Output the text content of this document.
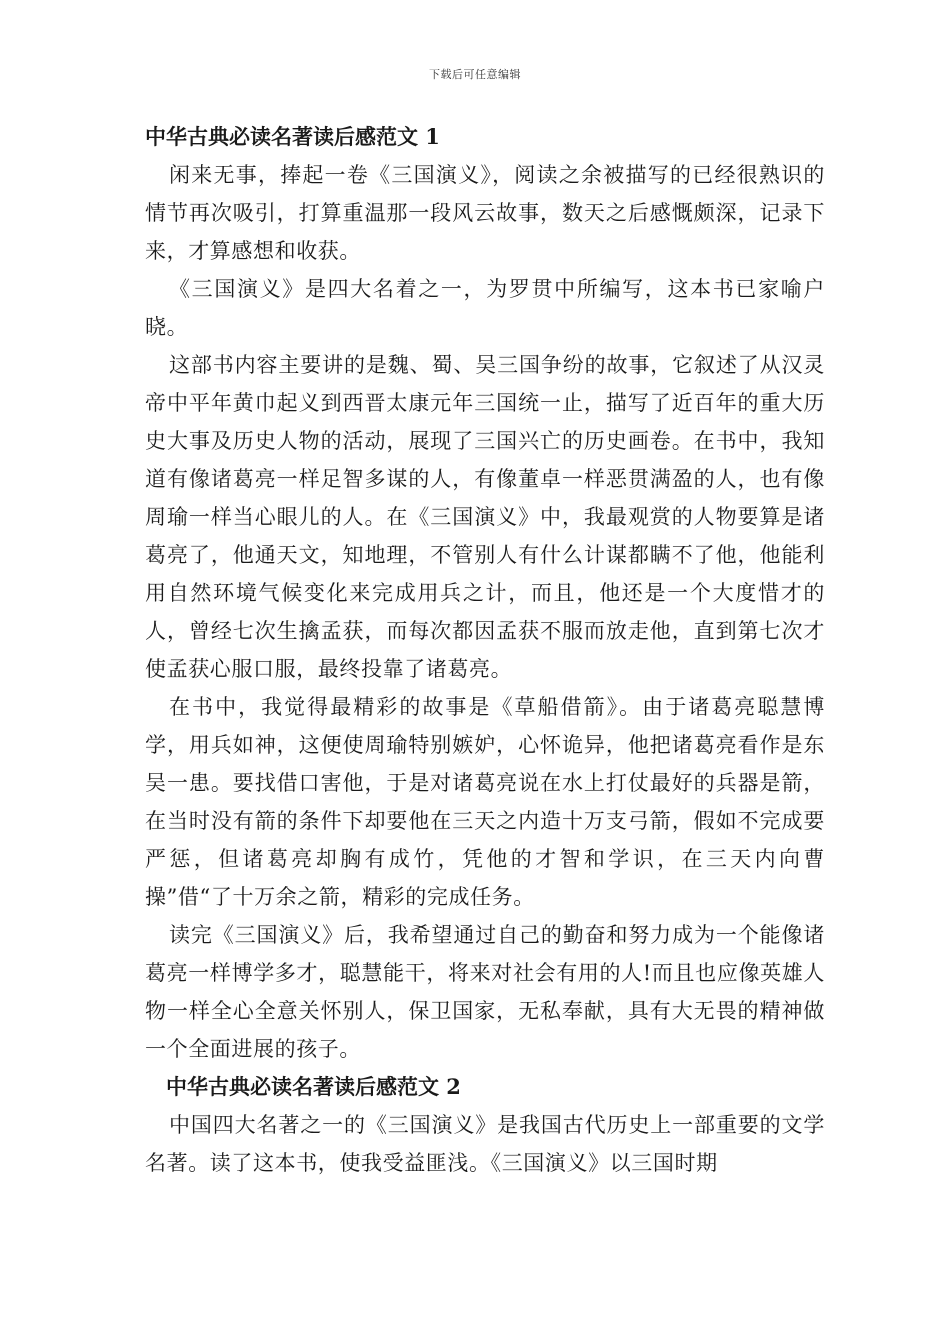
下载后可任意编辑
中华古典必读名著读后感范文 1

闲来无事，捧起一卷《三国演义》，阅读之余被描写的已经很熟识的情节再次吸引，打算重温那一段风云故事，数天之后感慨颇深，记录下来，才算感想和收获。

《三国演义》是四大名着之一，为罗贯中所编写，这本书已家喻户晓。

这部书内容主要讲的是魏、蜀、吴三国争纷的故事，它叙述了从汉灵帝中平年黄巾起义到西晋太康元年三国统一止，描写了近百年的重大历史大事及历史人物的活动，展现了三国兴亡的历史画卷。在书中，我知道有像诸葛亮一样足智多谋的人，有像董卓一样恶贯满盈的人，也有像周瑜一样当心眼儿的人。在《三国演义》中，我最观赏的人物要算是诸葛亮了，他通天文，知地理，不管别人有什么计谋都瞒不了他，他能利用自然环境气候变化来完成用兵之计，而且，他还是一个大度惜才的人，曾经七次生擒孟获，而每次都因孟获不服而放走他，直到第七次才使孟获心服口服，最终投靠了诸葛亮。

在书中，我觉得最精彩的故事是《草船借箭》。由于诸葛亮聪慧博学，用兵如神，这便使周瑜特别嫉妒，心怀诡异，他把诸葛亮看作是东吴一患。要找借口害他，于是对诸葛亮说在水上打仗最好的兵器是箭，在当时没有箭的条件下却要他在三天之内造十万支弓箭，假如不完成要严惩，但诸葛亮却胸有成竹，凭他的才智和学识，在三天内向曹操”借“了十万余之箭，精彩的完成任务。

读完《三国演义》后，我希望通过自己的勤奋和努力成为一个能像诸葛亮一样博学多才，聪慧能干，将来对社会有用的人!而且也应像英雄人物一样全心全意关怀别人，保卫国家，无私奉献，具有大无畏的精神做一个全面进展的孩子。

中华古典必读名著读后感范文 2

中国四大名著之一的《三国演义》是我国古代历史上一部重要的文学名著。读了这本书，使我受益匪浅。《三国演义》以三国时期
